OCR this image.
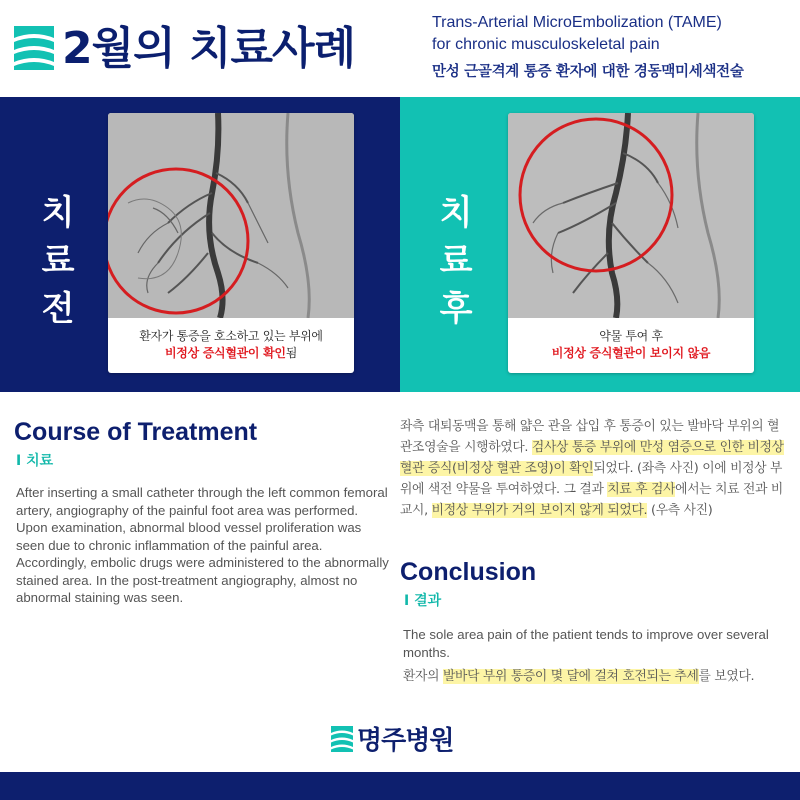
2월의 치료사례
Trans-Arterial MicroEmbolization (TAME)
for chronic musculoskeletal pain
만성 근골격계 통증 환자에 대한 경동맥미세색전술
치
료
전
환자가 통증을 호소하고 있는 부위에
비정상 증식혈관이 확인됨
치
료
후
약물 투여 후
비정상 증식혈관이 보이지 않음
Course of Treatment
I 치료
After inserting a small catheter through the left common femoral artery, angiography of the painful foot area was performed. Upon examination, abnormal blood vessel proliferation was seen due to chronic inflammation of the painful area. Accordingly, embolic drugs were administered to the abnormally stained area. In the post-treatment angiography, almost no abnormal staining was seen.
좌측 대퇴동맥을 통해 얇은 관을 삽입 후 통증이 있는 발바닥 부위의 혈관조영술을 시행하였다. 검사상 통증 부위에 만성 염증으로 인한 비정상 혈관 증식(비정상 혈관 조영)이 확인되었다. (좌측 사진) 이에 비정상 부위에 색전 약물을 투여하였다. 그 결과 치료 후 검사에서는 치료 전과 비교시, 비정상 부위가 거의 보이지 않게 되었다. (우측 사진)
Conclusion
I 결과
The sole area pain of the patient tends to improve over several months.
환자의 발바닥 부위 통증이 몇 달에 걸쳐 호전되는 추세를 보였다.
명주병원
